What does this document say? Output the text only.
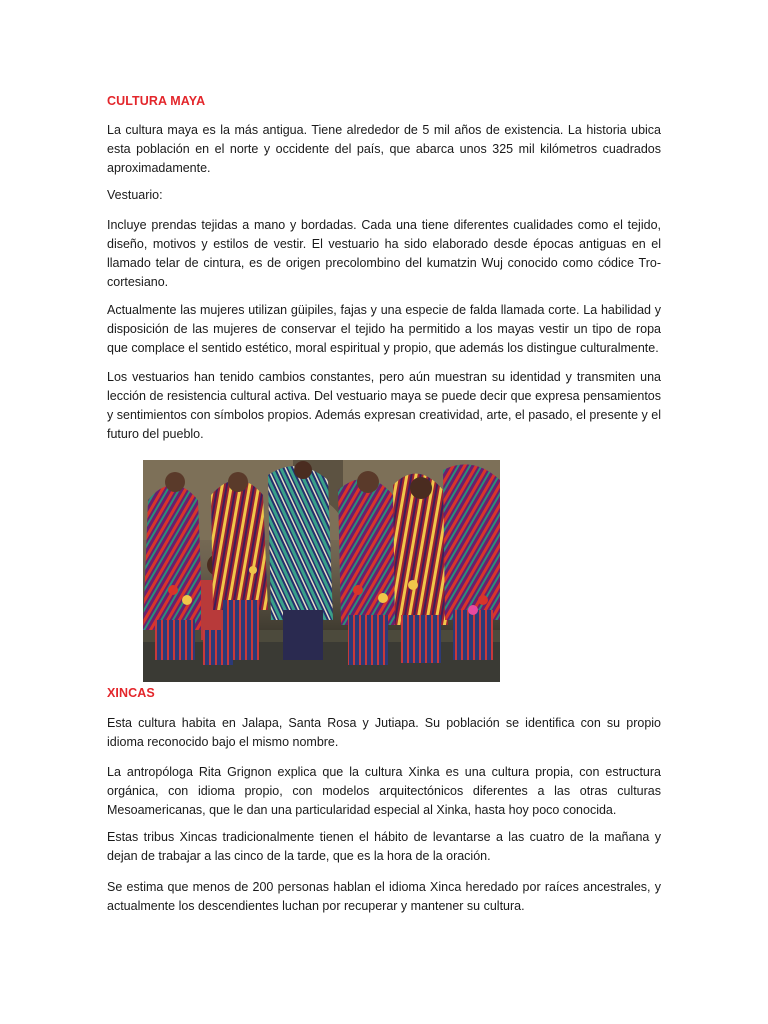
CULTURA MAYA

La cultura maya es la más antigua. Tiene alrededor de 5 mil años de existencia. La historia ubica esta población en el norte y occidente del país, que abarca unos 325 mil kilómetros cuadrados aproximadamente.

Vestuario:

Incluye prendas tejidas a mano y bordadas. Cada una tiene diferentes cualidades como el tejido, diseño, motivos y estilos de vestir. El vestuario ha sido elaborado desde épocas antiguas en el llamado telar de cintura, es de origen precolombino del kumatzin Wuj conocido como códice Tro-cortesiano.

Actualmente las mujeres utilizan güipiles, fajas y una especie de falda llamada corte. La habilidad y disposición de las mujeres de conservar el tejido ha permitido a los mayas vestir un tipo de ropa que complace el sentido estético, moral espiritual y propio, que además los distingue culturalmente.

Los vestuarios han tenido cambios constantes, pero aún muestran su identidad y transmiten una lección de resistencia cultural activa. Del vestuario maya se puede decir que expresa pensamientos y sentimientos con símbolos propios. Además expresan creatividad, arte, el pasado, el presente y el futuro del pueblo.

XINCAS

Esta cultura habita en Jalapa, Santa Rosa y Jutiapa. Su población se identifica con su propio idioma reconocido bajo el mismo nombre.

La antropóloga Rita Grignon explica que la cultura Xinka es una cultura propia, con estructura orgánica, con idioma propio, con modelos arquitectónicos diferentes a las otras culturas Mesoamericanas, que le dan una particularidad especial al Xinka, hasta hoy poco conocida.

Estas tribus Xincas tradicionalmente tienen el hábito de levantarse a las cuatro de la mañana y dejan de trabajar a las cinco de la tarde, que es la hora de la oración.

Se estima que menos de 200 personas hablan el idioma Xinca heredado por raíces ancestrales, y actualmente los descendientes luchan por recuperar y mantener su cultura.
